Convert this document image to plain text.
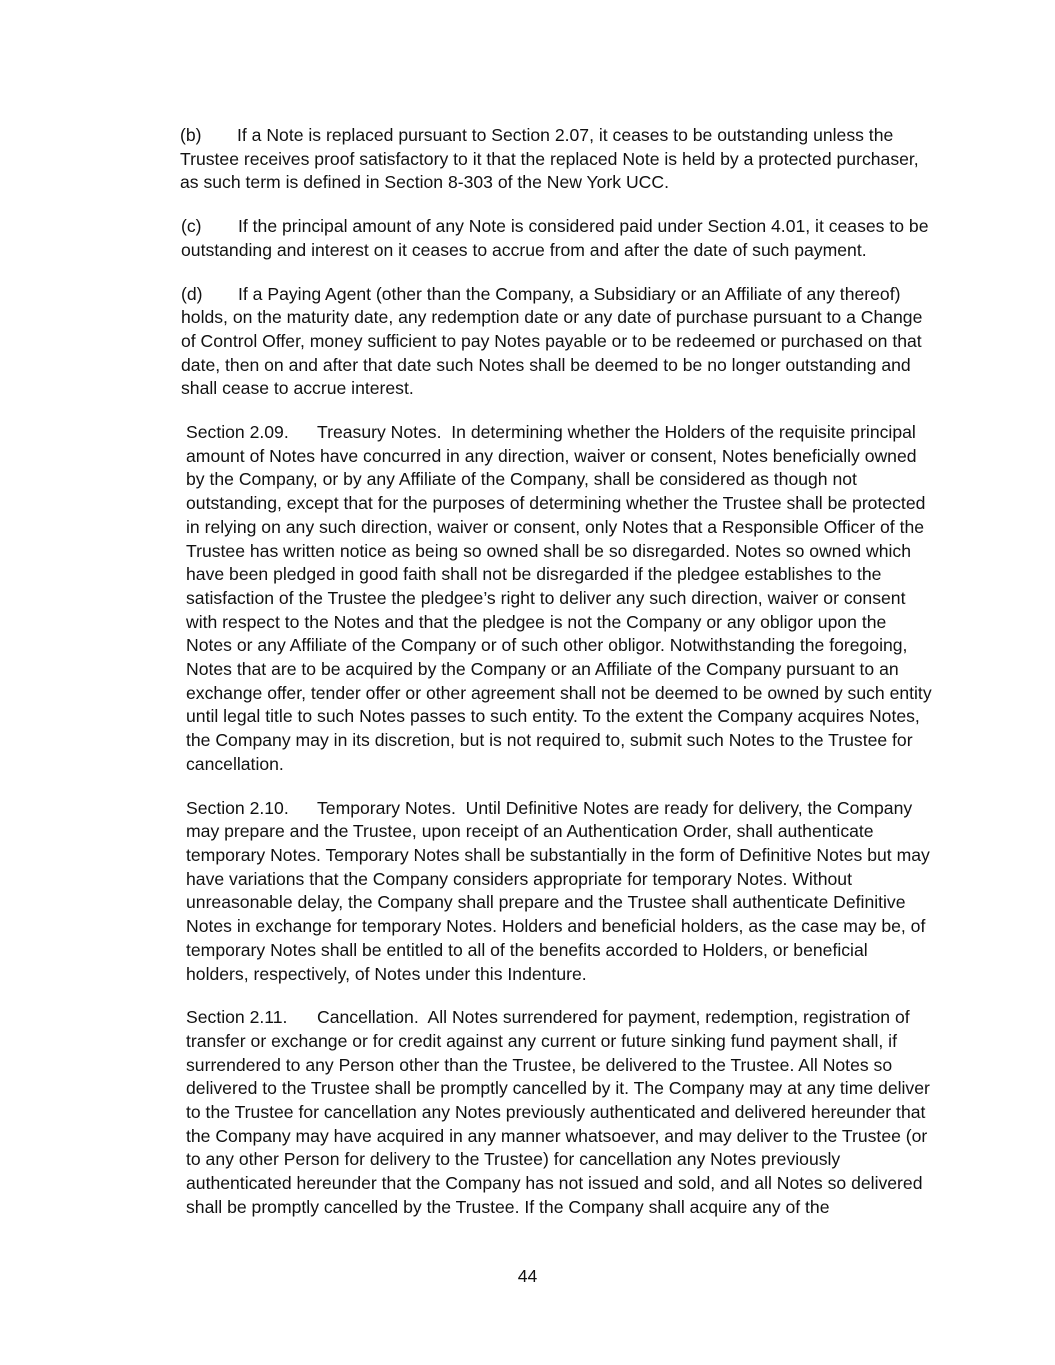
(b) If a Note is replaced pursuant to Section 2.07, it ceases to be outstanding unless the Trustee receives proof satisfactory to it that the replaced Note is held by a protected purchaser, as such term is defined in Section 8-303 of the New York UCC.

(c) If the principal amount of any Note is considered paid under Section 4.01, it ceases to be outstanding and interest on it ceases to accrue from and after the date of such payment.

(d) If a Paying Agent (other than the Company, a Subsidiary or an Affiliate of any thereof) holds, on the maturity date, any redemption date or any date of purchase pursuant to a Change of Control Offer, money sufficient to pay Notes payable or to be redeemed or purchased on that date, then on and after that date such Notes shall be deemed to be no longer outstanding and shall cease to accrue interest.

Section 2.09. Treasury Notes. In determining whether the Holders of the requisite principal amount of Notes have concurred in any direction, waiver or consent, Notes beneficially owned by the Company, or by any Affiliate of the Company, shall be considered as though not outstanding, except that for the purposes of determining whether the Trustee shall be protected in relying on any such direction, waiver or consent, only Notes that a Responsible Officer of the Trustee has written notice as being so owned shall be so disregarded. Notes so owned which have been pledged in good faith shall not be disregarded if the pledgee establishes to the satisfaction of the Trustee the pledgee’s right to deliver any such direction, waiver or consent with respect to the Notes and that the pledgee is not the Company or any obligor upon the Notes or any Affiliate of the Company or of such other obligor. Notwithstanding the foregoing, Notes that are to be acquired by the Company or an Affiliate of the Company pursuant to an exchange offer, tender offer or other agreement shall not be deemed to be owned by such entity until legal title to such Notes passes to such entity. To the extent the Company acquires Notes, the Company may in its discretion, but is not required to, submit such Notes to the Trustee for cancellation.

Section 2.10. Temporary Notes. Until Definitive Notes are ready for delivery, the Company may prepare and the Trustee, upon receipt of an Authentication Order, shall authenticate temporary Notes. Temporary Notes shall be substantially in the form of Definitive Notes but may have variations that the Company considers appropriate for temporary Notes. Without unreasonable delay, the Company shall prepare and the Trustee shall authenticate Definitive Notes in exchange for temporary Notes. Holders and beneficial holders, as the case may be, of temporary Notes shall be entitled to all of the benefits accorded to Holders, or beneficial holders, respectively, of Notes under this Indenture.

Section 2.11. Cancellation. All Notes surrendered for payment, redemption, registration of transfer or exchange or for credit against any current or future sinking fund payment shall, if surrendered to any Person other than the Trustee, be delivered to the Trustee. All Notes so delivered to the Trustee shall be promptly cancelled by it. The Company may at any time deliver to the Trustee for cancellation any Notes previously authenticated and delivered hereunder that the Company may have acquired in any manner whatsoever, and may deliver to the Trustee (or to any other Person for delivery to the Trustee) for cancellation any Notes previously authenticated hereunder that the Company has not issued and sold, and all Notes so delivered shall be promptly cancelled by the Trustee. If the Company shall acquire any of the

44
